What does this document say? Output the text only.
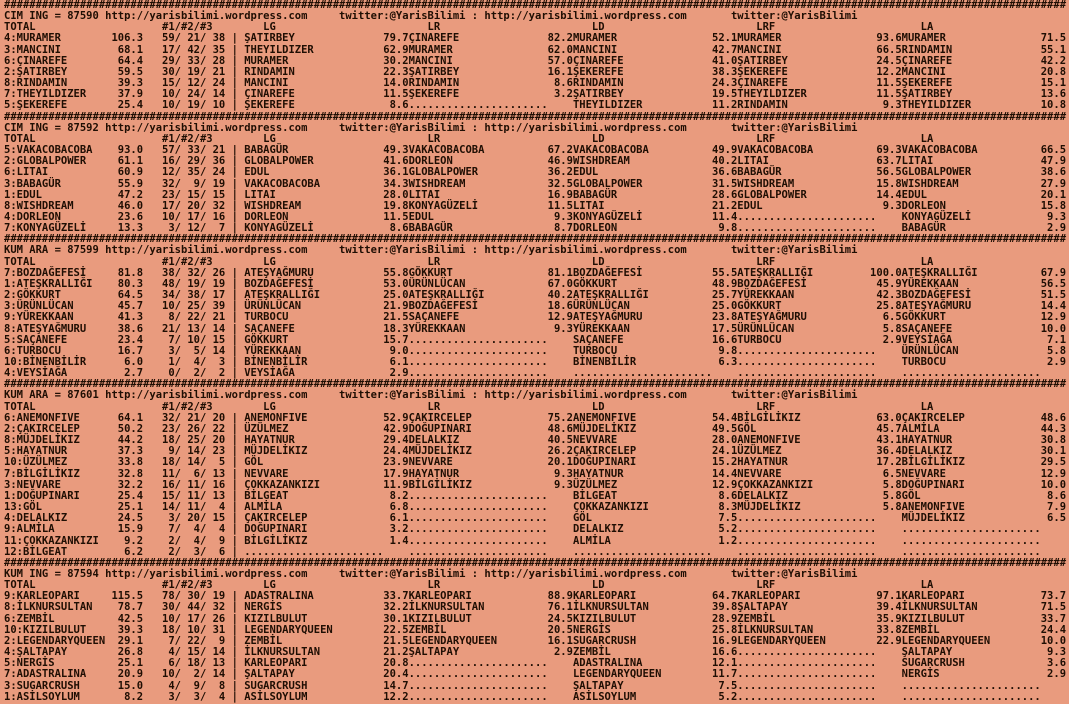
########################################################################################################################################################################
CIM ING = 87590 http://yarisbilimi.wordpress.com     twitter:@YarisBilimi : http://yarisbilimi.wordpress.com       twitter:@YarisBilimi
TOTAL                    #1/#2/#3        LG                        LR                        LD                        LRF                       LA
4:MURAMER        106.3   59/ 21/ 38 | ŞATIRBEY              79.7ÇINAREFE              82.2MURAMER               52.1MURAMER               93.6MURAMER               71.5
3:MANCINI         68.1   17/ 42/ 35 | THEYILDIZER           62.9MURAMER               62.0MANCINI               42.7MANCINI               66.5RINDAMIN              55.1
6:ÇINAREFE        64.4   29/ 33/ 28 | MURAMER               30.2MANCINI               57.0ÇINAREFE              41.0ŞATIRBEY              24.5ÇINAREFE              42.2
2:ŞATIRBEY        59.5   30/ 19/ 21 | RINDAMIN              22.3ŞATIRBEY              16.1ŞEKEREFE              38.3ŞEKEREFE              12.2MANCINI               20.8
8:RINDAMIN        39.3   15/ 12/ 24 | MANCINI               14.0RINDAMIN               8.6RINDAMIN              24.3ÇINAREFE              11.5ŞEKEREFE              15.1
7:THEYILDIZER     37.9   10/ 24/ 14 | ÇINAREFE              11.5ŞEKEREFE               3.2ŞATIRBEY              19.5THEYILDIZER           11.5ŞATIRBEY              13.6
5:ŞEKEREFE        25.4   10/ 19/ 10 | ŞEKEREFE               8.6......................    THEYILDIZER           11.2RINDAMIN               9.3THEYILDIZER           10.8
########################################################################################################################################################################
CIM ING = 87592 http://yarisbilimi.wordpress.com     twitter:@YarisBilimi : http://yarisbilimi.wordpress.com       twitter:@YarisBilimi
TOTAL                    #1/#2/#3        LG                        LR                        LD                        LRF                       LA
5:VAKACOBACOBA    93.0   57/ 33/ 21 | BABAGÜR               49.3VAKACOBACOBA          67.2VAKACOBACOBA          49.9VAKACOBACOBA          69.3VAKACOBACOBA          66.5
2:GLOBALPOWER     61.1   16/ 29/ 36 | GLOBALPOWER           41.6DORLEON               46.9WISHDREAM             40.2LITAI                 63.7LITAI                 47.9
6:LITAI           60.9   12/ 35/ 24 | EDUL                  36.1GLOBALPOWER           36.2EDUL                  36.6BABAGÜR               56.5GLOBALPOWER           38.6
3:BABAGÜR         55.9   32/  9/ 19 | VAKACOBACOBA          34.3WISHDREAM             32.5GLOBALPOWER           31.5WISHDREAM             15.8WISHDREAM             27.9
1:EDUL            47.2   23/ 15/ 15 | LITAI                 28.0LITAI                 16.9BABAGÜR               28.6GLOBALPOWER           14.4EDUL                  20.1
8:WISHDREAM       46.0   17/ 20/ 32 | WISHDREAM             19.8KONYAGÜZELİ           11.5LITAI                 21.2EDUL                   9.3DORLEON               15.8
4:DORLEON         23.6   10/ 17/ 16 | DORLEON               11.5EDUL                   9.3KONYAGÜZELİ           11.4......................    KONYAGÜZELİ            9.3
7:KONYAGÜZELİ     13.3    3/ 12/  7 | KONYAGÜZELİ            8.6BABAGÜR                8.7DORLEON                9.8......................    BABAGÜR                2.9
########################################################################################################################################################################
KUM ARA = 87599 http://yarisbilimi.wordpress.com     twitter:@YarisBilimi : http://yarisbilimi.wordpress.com       twitter:@YarisBilimi
TOTAL                    #1/#2/#3        LG                        LR                        LD                        LRF                       LA
7:BOZDAĞEFESİ     81.8   38/ 32/ 26 | ATEŞYAĞMURU           55.8GÖKKURT               81.1BOZDAĞEFESİ           55.5ATEŞKRALLIĞI         100.0ATEŞKRALLIĞI          67.9
1:ATEŞKRALLIĞI    80.3   48/ 19/ 19 | BOZDAĞEFESİ           53.0ÜRÜNLÜCAN             67.0GÖKKURT               48.9BOZDAĞEFESİ           45.9YÜREKKAAN             56.5
2:GÖKKURT         64.5   34/ 38/ 17 | ATEŞKRALLIĞI          25.0ATEŞKRALLIĞI          40.2ATEŞKRALLIĞI          25.7YÜREKKAAN             42.3BOZDAĞEFESİ           51.5
3:ÜRÜNLÜCAN       45.7   10/ 25/ 39 | ÜRÜNLÜCAN             21.9BOZDAĞEFESİ           18.6ÜRÜNLÜCAN             25.0GÖKKURT               25.8ATEŞYAĞMURU           14.4
9:YÜREKKAAN       41.3    8/ 22/ 21 | TURBOCU               21.5SAÇANEFE              12.9ATEŞYAĞMURU           23.8ATEŞYAĞMURU            6.5GÖKKURT               12.9
8:ATEŞYAĞMURU     38.6   21/ 13/ 14 | SAÇANEFE              18.3YÜREKKAAN              9.3YÜREKKAAN             17.5ÜRÜNLÜCAN              5.8SAÇANEFE              10.0
5:SAÇANEFE        23.4    7/ 10/ 15 | GÖKKURT               15.7......................    SAÇANEFE              16.6TURBOCU                2.9VEYSİAĞA               7.1
6:TURBOCU         16.7    3/  5/ 14 | YÜREKKAAN              9.0......................    TURBOCU                9.8......................    ÜRÜNLÜCAN              5.8
10:BİNENBİLİR      6.0    1/  4/  3 | BİNENBİLİR             6.1......................    BİNENBİLİR             6.3......................    TURBOCU                2.9
4:VEYSİAĞA         2.7    0/  2/  2 | VEYSİAĞA               2.9......................    ......................    ......................    ......................
########################################################################################################################################################################
KUM ARA = 87601 http://yarisbilimi.wordpress.com     twitter:@YarisBilimi : http://yarisbilimi.wordpress.com       twitter:@YarisBilimi
TOTAL                    #1/#2/#3        LG                        LR                        LD                        LRF                       LA
6:ANEMONFIVE      64.1   32/ 21/ 20 | ANEMONFIVE            52.9ÇAKIRCELEP            75.2ANEMONFIVE            54.4BİLGİLİKIZ            63.0ÇAKIRCELEP            48.6
2:ÇAKIRCELEP      50.2   23/ 26/ 22 | ÜZÜLMEZ               42.9DOĞUPINARI            48.6MÜJDELİKIZ            49.5GÖL                   45.7ALMİLA                44.3
8:MÜJDELİKIZ      44.2   18/ 25/ 20 | HAYATNUR              29.4DELALKIZ              40.5NEVVARE               28.0ANEMONFIVE            43.1HAYATNUR              30.8
5:HAYATNUR        37.3    9/ 14/ 23 | MÜJDELİKIZ            24.4MÜJDELİKIZ            26.2ÇAKIRCELEP            24.1ÜZÜLMEZ               36.4DELALKIZ              30.1
10:ÜZÜLMEZ        33.8   18/ 14/  5 | GÖL                   23.9NEVVARE               20.1DOĞUPINARI            15.2HAYATNUR              17.2BİLGİLİKIZ            29.5
7:BİLGİLİKIZ      32.8   11/  6/ 13 | NEVVARE               17.9HAYATNUR               9.3HAYATNUR              14.4NEVVARE                6.5NEVVARE               12.9
3:NEVVARE         32.2   16/ 11/ 16 | ÇOKKAZANKIZI          11.9BİLGİLİKIZ             9.3ÜZÜLMEZ               12.9ÇOKKAZANKIZI           5.8DOĞUPINARI            10.0
1:DOĞUPINARI      25.4   15/ 11/ 13 | BİLGEAT                8.2......................    BİLGEAT                8.6DELALKIZ               5.8GÖL                    8.6
13:GÖL            25.1   14/ 11/  4 | ALMİLA                 6.8......................    ÇOKKAZANKIZI           8.3MÜJDELİKIZ             5.8ANEMONFIVE             7.9
4:DELALKIZ        24.5    3/ 20/ 15 | ÇAKIRCELEP             6.1......................    GÖL                    7.5......................    MÜJDELİKIZ             6.5
9:ALMİLA          15.9    7/  4/  4 | DOĞUPINARI             3.2......................    DELALKIZ               5.2......................    ......................
11:ÇOKKAZANKIZI    9.2    2/  4/  9 | BİLGİLİKIZ             1.4......................    ALMİLA                 1.2......................    ......................
12:BİLGEAT         6.2    2/  3/  6 | ......................    ......................    ......................    ......................    ......................
########################################################################################################################################################################
KUM ING = 87594 http://yarisbilimi.wordpress.com     twitter:@YarisBilimi : http://yarisbilimi.wordpress.com       twitter:@YarisBilimi
TOTAL                    #1/#2/#3        LG                        LR                        LD                        LRF                       LA
9:KARLEOPARI     115.5   78/ 30/ 19 | ADASTRALINA           33.7KARLEOPARI            88.9KARLEOPARI            64.7KARLEOPARI            97.1KARLEOPARI            73.7
8:İLKNURSULTAN    78.7   30/ 44/ 32 | NERGİS                32.2İLKNURSULTAN          76.1İLKNURSULTAN          39.8ŞALTAPAY              39.4İLKNURSULTAN          71.5
6:ZEMBİL          42.5   10/ 17/ 26 | KIZILBULUT            30.1KIZILBULUT            24.5KIZILBULUT            28.9ZEMBİL                35.9KIZILBULUT            33.7
10:KIZILBULUT     39.3   18/ 10/ 31 | LEGENDARYQUEEN        22.5ZEMBİL                20.5NERGİS                25.8İLKNURSULTAN          33.8ZEMBİL                24.4
2:LEGENDARYQUEEN  29.1    7/ 22/  9 | ZEMBİL                21.5LEGENDARYQUEEN        16.1SUGARCRUSH            16.9LEGENDARYQUEEN        22.9LEGENDARYQUEEN        10.0
4:ŞALTAPAY        26.8    4/ 15/ 14 | İLKNURSULTAN          21.2ŞALTAPAY               2.9ZEMBİL                16.6......................    ŞALTAPAY               9.3
5:NERGİS          25.1    6/ 18/ 13 | KARLEOPARI            20.8......................    ADASTRALINA           12.1......................    SUGARCRUSH             3.6
7:ADASTRALINA     20.9   10/  2/ 14 | ŞALTAPAY              20.4......................    LEGENDARYQUEEN        11.7......................    NERGİS                 2.9
3:SUGARCRUSH      15.0    4/  9/  8 | SUGARCRUSH            14.7......................    ŞALTAPAY               7.5......................    ......................
1:ASİLSOYLUM       8.2    3/  3/  4 | ASİLSOYLUM            12.2......................    ASİLSOYLUM             5.2......................    ......................
